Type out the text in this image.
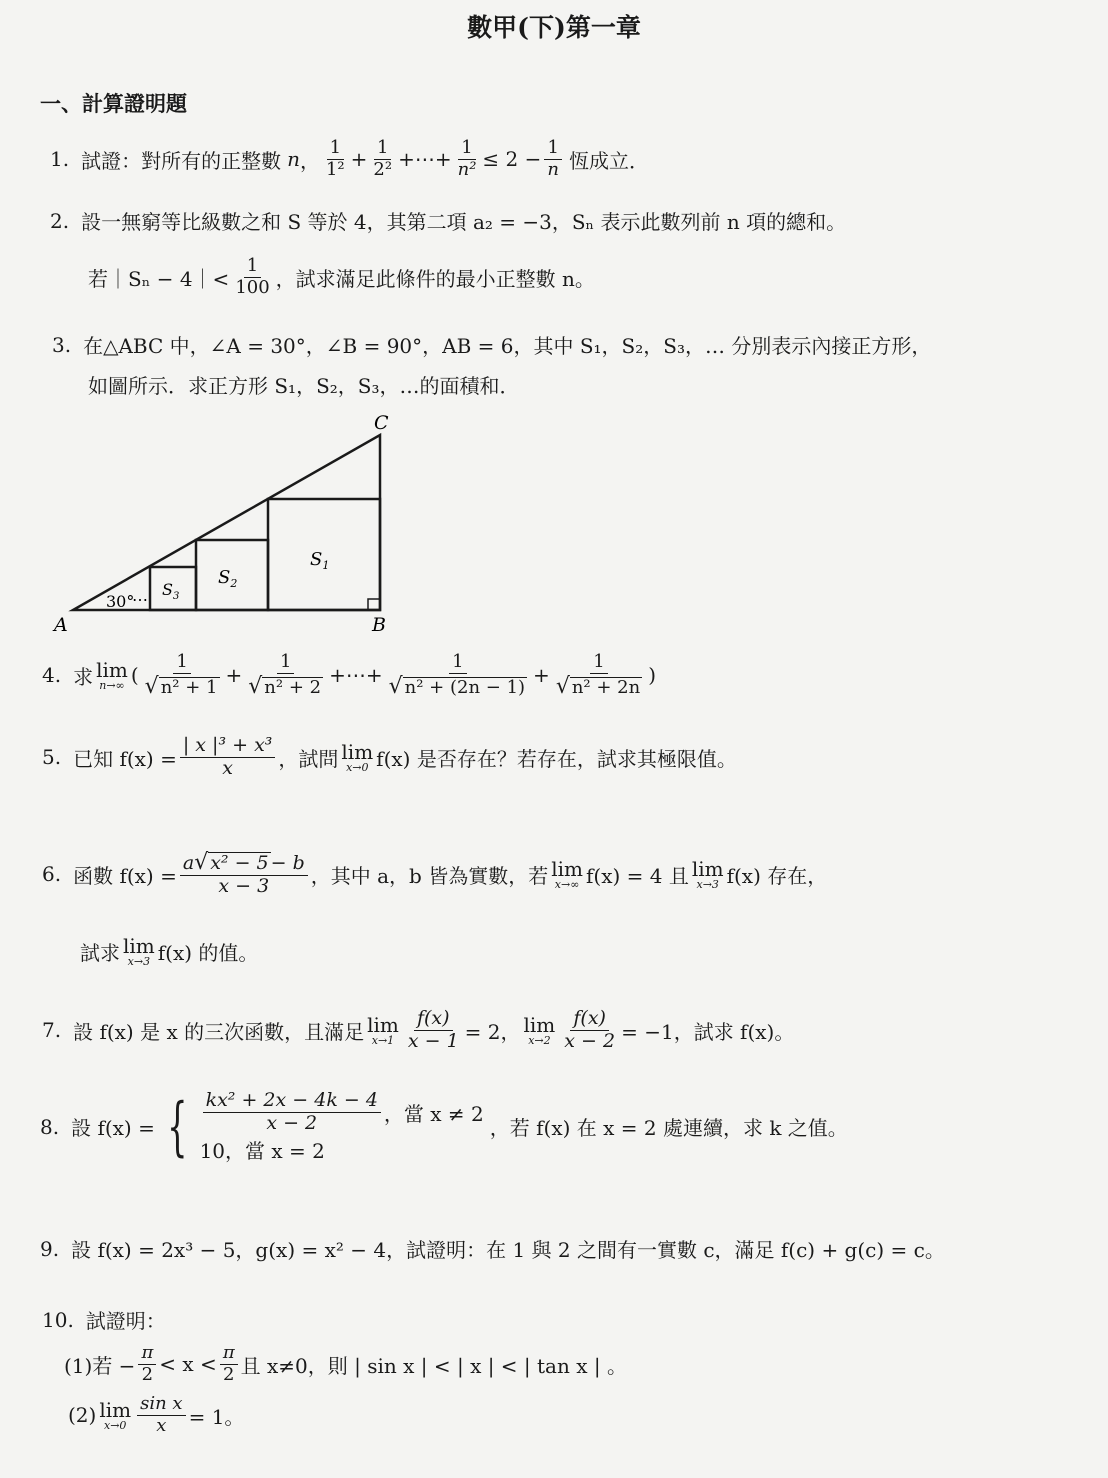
數甲(下)第一章
一、計算證明題
1. 試證：對所有的正整數 n ， $\frac{1}{\text{1²}} + \frac{1}{\text{2²}}$ +⋯+ $\frac{1}{\text{n²}} \le 2 - \frac{1}{n}$ 恆成立．
2. 設一無窮等比級數之和 S 等於 4，其第二項 a₂ = −3，Sₙ 表示此數列前 n 項的總和。
若｜Sₙ − 4｜< $\frac{1}{100}$ ，試求滿足此條件的最小正整數 n。
3. 在△ABC 中，∠A = 30°，∠B = 90°，AB = 6，其中 S₁，S₂，S₃，… 分別表示內接正方形，
如圖所示．求正方形 S₁，S₂，S₃，…的面積和．
C
A	B
30°
⋯
$S_1$
$S_2$
$S_3$
4. 求 lim
n→∞ ( $\frac{1}{\text{√ n² + 1}} + \frac{1}{\text{√ n² + 2}}$ +⋯+ $\frac{1}{\text{√ n² + (2n − 1)}} + \frac{1}{\text{√ n² + 2n}}$ )
5. 已知 $f(x) = \frac{\text{| x |³ + x³}}{x}$ ，試問 lim
x→0 f(x) 是否存在？若存在，試求其極限值。
6. 函數 $f(x) = \frac{\text{a √ x² − 5 − b}}{x - 3}$ ，其中 a，b 皆為實數，若 lim
x→∞ f(x) = 4 且 lim
x→3 f(x) 存在，
試求 lim
x→3 f(x) 的值。
7. 設 f(x) 是 x 的三次函數，且滿足 lim
$x\to 1 \frac{f(x)}{x - 1} = 2$， lim
$x\to 2 \frac{f(x)}{x - 2} = -1$，試求 f(x)。
8. 設 f(x) = { $\frac{\text{kx² + 2x − 4k − 4}}{x - 2}$ ，當 x ≠ 2
10，當 x = 2
，若 f(x) 在 x = 2 處連續，求 k 之值。
9. 設 f(x) = 2x³ − 5，g(x) = x² − 4，試證明：在 1 與 2 之間有一實數 c，滿足 f(c) + g(c) = c。
10. 試證明：
(1)若 − $\frac{\pi}{2} < x < \frac{\pi}{2}$ 且 x≠0，則 | sin x | < | x | < | tan x | 。
(2) lim
$x\to 0 \frac{\text{sin x}}{x} = 1$。
